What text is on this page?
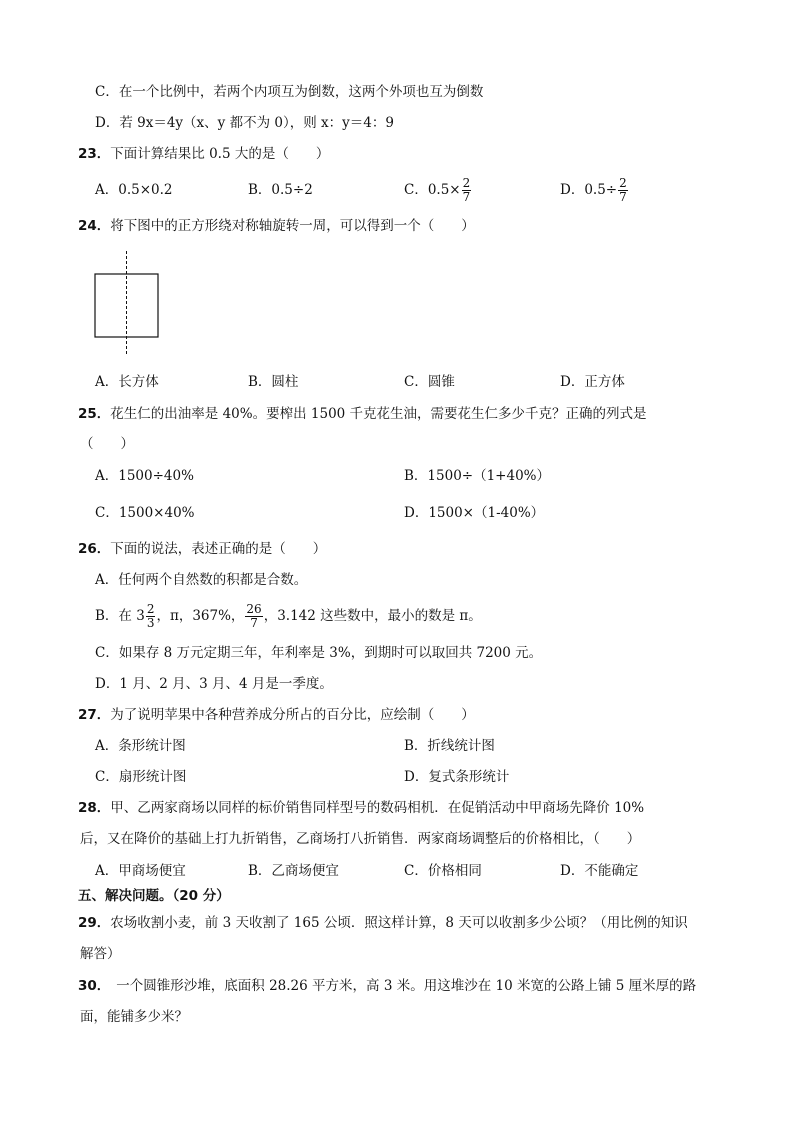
C．在一个比例中，若两个内项互为倒数，这两个外项也互为倒数
D．若 9x＝4y（x、y 都不为 0），则 x：y＝4：9
23．下面计算结果比 0.5 大的是（　　）
A．0.5×0.2	B．0.5÷2	C．$0.5\times \frac{2}{7}$	D．$0.5\div \frac{2}{7}$
24．将下图中的正方形绕对称轴旋转一周，可以得到一个（　　）
A．长方体	B．圆柱	C．圆锥	D．正方体
25．花生仁的出油率是 40%。要榨出 1500 千克花生油，需要花生仁多少千克？正确的列式是
（　　）
A．1500÷40%	B．1500÷（1+40%）
C．1500×40%	D．1500×（1-40%）
26．下面的说法，表述正确的是（　　）
A．任何两个自然数的积都是合数。
B．在 $3 \frac{2}{3}$ ，π，367%， $\frac{26}{7}$ ，3.142 这些数中，最小的数是 π。
C．如果存 8 万元定期三年，年利率是 3%，到期时可以取回共 7200 元。
D．1 月、2 月、3 月、4 月是一季度。
27．为了说明苹果中各种营养成分所占的百分比，应绘制（　　）
A．条形统计图	B．折线统计图
C．扇形统计图	D．复式条形统计
28．甲、乙两家商场以同样的标价销售同样型号的数码相机．在促销活动中甲商场先降价 10%
后，又在降价的基础上打九折销售，乙商场打八折销售．两家商场调整后的价格相比，（　　）
A．甲商场便宜	B．乙商场便宜	C．价格相同	D．不能确定
五、解决问题。（20 分）
29．农场收割小麦，前 3 天收割了 165 公顷．照这样计算，8 天可以收割多少公顷？（用比例的知识
解答）
30． 一个圆锥形沙堆，底面积 28.26 平方米，高 3 米。用这堆沙在 10 米宽的公路上铺 5 厘米厚的路
面，能铺多少米？
